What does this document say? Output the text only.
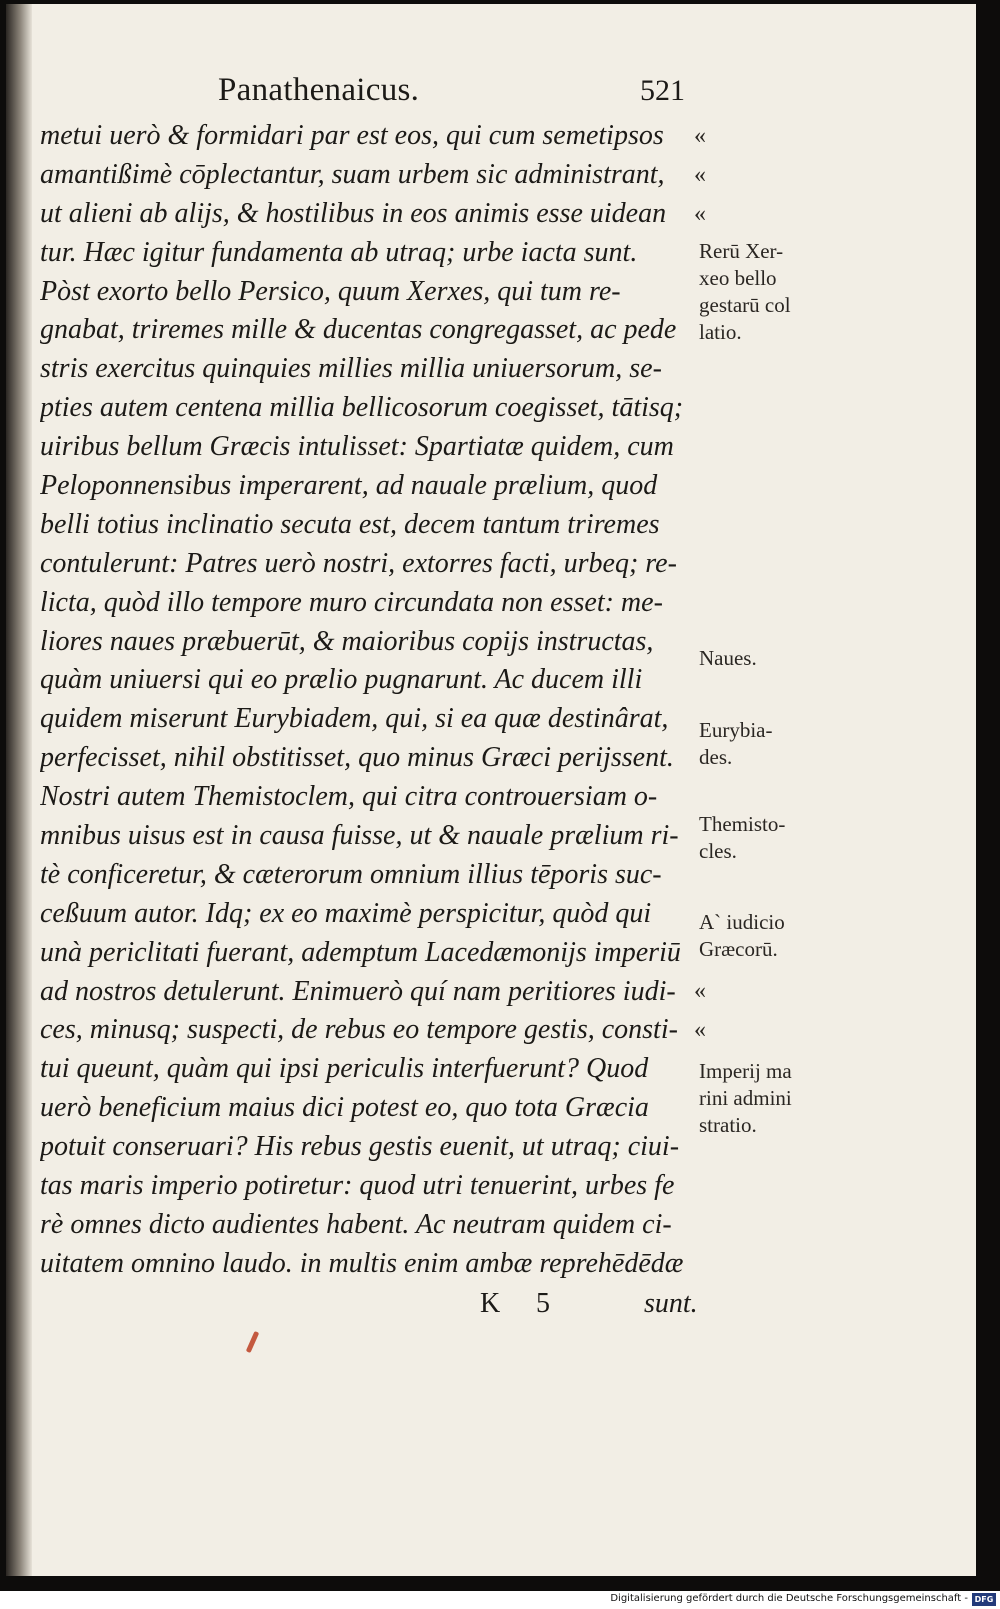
Panathenaicus.	521
metui uerò & formidari par est eos, qui cum semetipsos
amantißimè cōplectantur, suam urbem sic administrant,
ut alieni ab alijs, & hostilibus in eos animis esse uidean
tur. Hæc igitur fundamenta ab utraq; urbe iacta sunt.
Pòst exorto bello Persico, quum Xerxes, qui tum re-
gnabat, triremes mille & ducentas congregasset, ac pede
stris exercitus quinquies millies millia uniuersorum, se-
pties autem centena millia bellicosorum coegisset, tātisq;
uiribus bellum Græcis intulisset: Spartiatæ quidem, cum
Peloponnensibus imperarent, ad nauale prælium, quod
belli totius inclinatio secuta est, decem tantum triremes
contulerunt: Patres uerò nostri, extorres facti, urbeq; re-
licta, quòd illo tempore muro circundata non esset: me-
liores naues præbuerūt, & maioribus copijs instructas,
quàm uniuersi qui eo prælio pugnarunt. Ac ducem illi
quidem miserunt Eurybiadem, qui, si ea quæ destinârat,
perfecisset, nihil obstitisset, quo minus Græci perijssent.
Nostri autem Themistoclem, qui citra controuersiam o-
mnibus uisus est in causa fuisse, ut & nauale prælium ri-
tè conficeretur, & cæterorum omnium illius tēporis suc-
ceßuum autor. Idq; ex eo maximè perspicitur, quòd qui
unà periclitati fuerant, ademptum Lacedæmonijs imperiū
ad nostros detulerunt. Enimuerò quí nam peritiores iudi-
ces, minusq; suspecti, de rebus eo tempore gestis, consti-
tui queunt, quàm qui ipsi periculis interfuerunt? Quod
uerò beneficium maius dici potest eo, quo tota Græcia
potuit conseruari? His rebus gestis euenit, ut utraq; ciui-
tas maris imperio potiretur: quod utri tenuerint, urbes fe
rè omnes dicto audientes habent. Ac neutram quidem ci-
uitatem omnino laudo. in multis enim ambæ reprehēdēdæ
«
«
«
«
«
Rerū Xer-
xeo bello
gestarū col
latio.
Naues.
Eurybia-
des.
Themisto-
cles.
A` iudicio
Græcorū.
Imperij ma
rini admini
stratio.
K 5	sunt.
Digitalisierung gefördert durch die Deutsche Forschungsgemeinschaft - DFG
